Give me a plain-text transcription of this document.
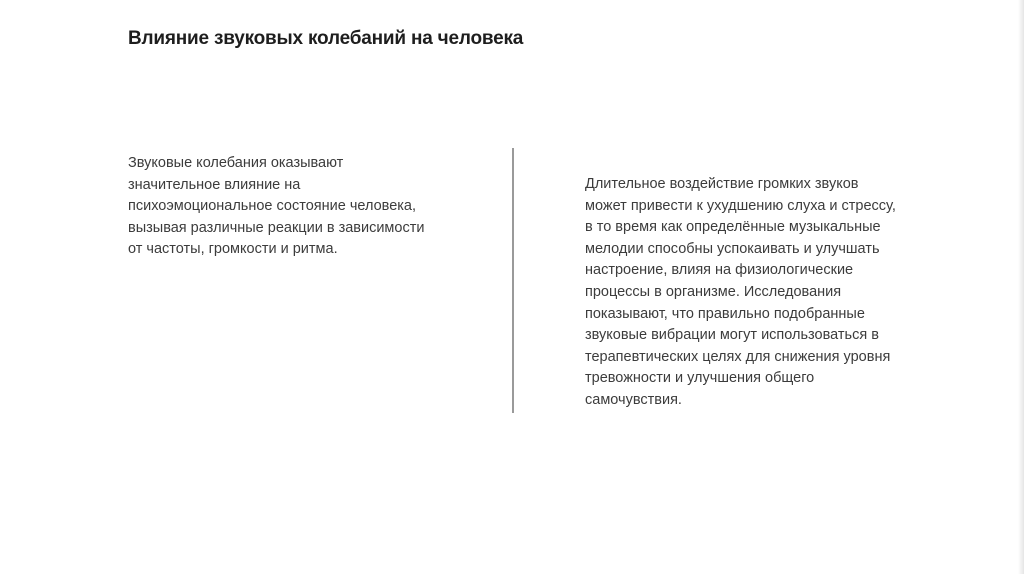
Влияние звуковых колебаний на человека

Звуковые колебания оказывают

значительное влияние на

психоэмоциональное состояние человека,

вызывая различные реакции в зависимости

от частоты, громкости и ритма.

Длительное воздействие громких звуков

может привести к ухудшению слуха и стрессу,

в то время как определённые музыкальные

мелодии способны успокаивать и улучшать

настроение, влияя на физиологические

процессы в организме. Исследования

показывают, что правильно подобранные

звуковые вибрации могут использоваться в

терапевтических целях для снижения уровня

тревожности и улучшения общего

самочувствия.
